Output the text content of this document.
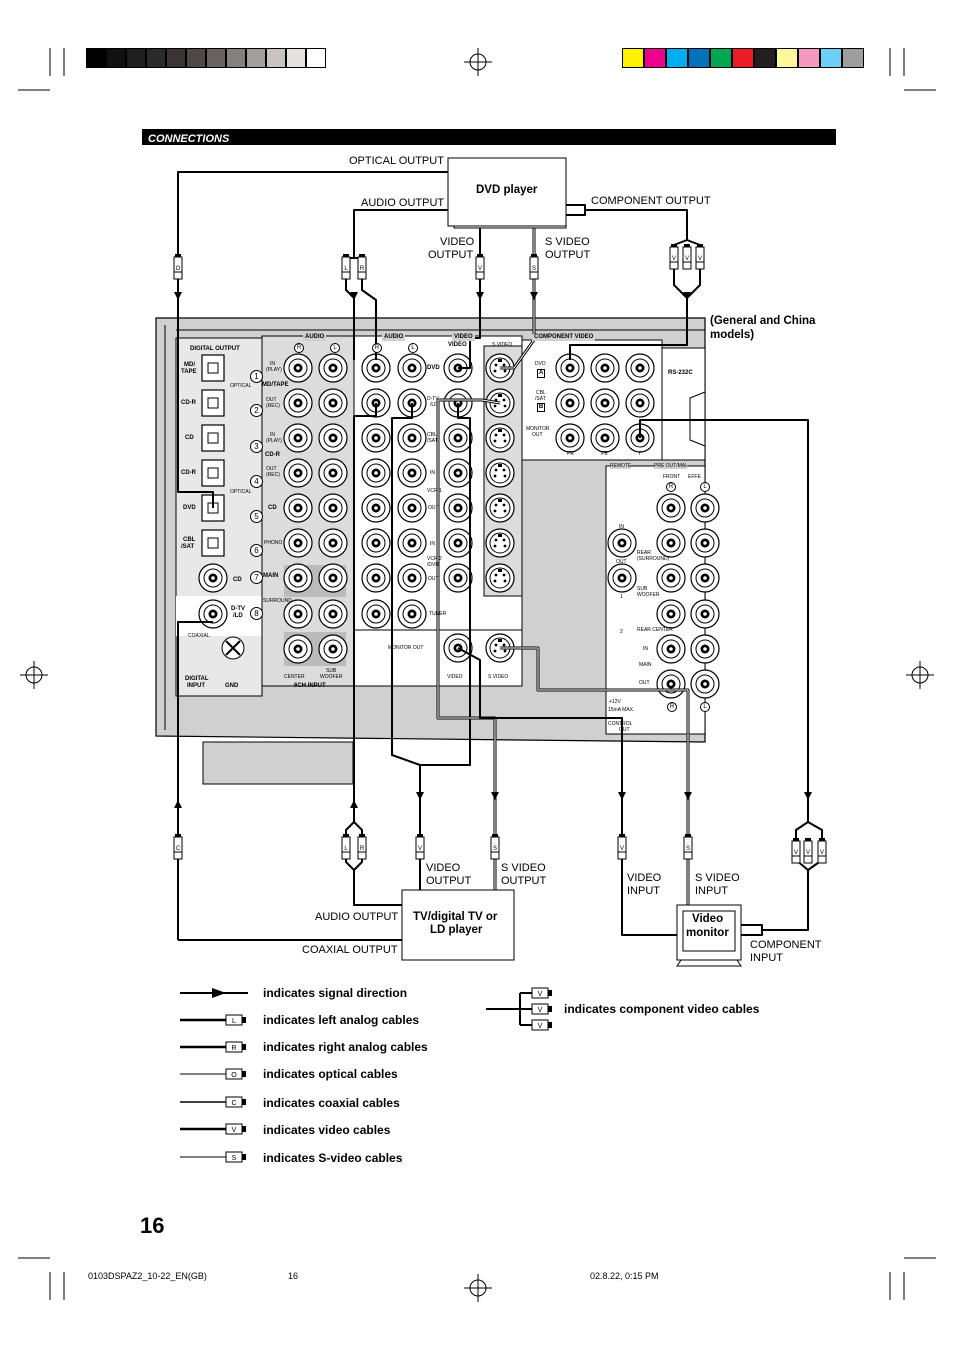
CONNECTIONS
O	L R	V	S
V V V
C	L R	V	S	V	S
V V V
L
R
O
C
V
S
V
V
V
OPTICAL OUTPUT
AUDIO OUTPUT	COMPONENT OUTPUT
VIDEO
OUTPUT
S VIDEO
OUTPUT
(General and China
models)
DVD player
VIDEO
OUTPUT
S VIDEO
OUTPUT
AUDIO OUTPUT
COAXIAL OUTPUT
TV/digital TV or
LD player
VIDEO
INPUT
S VIDEO
INPUT
COMPONENT
INPUT
Video
monitor
DIGITAL OUTPUT
MD/
TAPE
CD-R
CD
CD-R
DVD
CBL
/SAT
OPTICAL
OPTICAL
CD
D-TV
/LD
COAXIAL
DIGITAL
INPUT	GND
AUDIO	AUDIO	VIDEO	COMPONENT VIDEO
VIDEO	S VIDEO
IN
(PLAY)
MD/TAPE
OUT
(REC)
IN
(PLAY)
CD-R
OUT
(REC)
CD
PHONO
MAIN
SURROUND
CENTER
SUB
WOOFER
6CH INPUT
DVD
D-TV
/LD
CBL
/SAT
IN
VCR 1
OUT
IN
VCR 2
/DVR
OUT
TUNER
MONITOR OUT
VIDEO	S VIDEO
DVD
CBL
/SAT
MONITOR
OUT
PR	PB	Y
A
B
RS-232C
REMOTE	PRE OUT/MAI
FRONT EFFE
IN
OUT
1
2
REAR
(SURROUND)
SUB
WOOFER
REAR CENTER
IN
MAIN
OUT
+12V
15mA MAX.
CONTROL
OUT
1
2
3
4
5
6
7
8
R	L	R	L
R	L
R	L
indicates signal direction
indicates left analog cables
indicates right analog cables
indicates optical cables
indicates coaxial cables
indicates video cables
indicates S-video cables
indicates component video cables
16
0103DSPAZ2_10-22_EN(GB)	16	02.8.22, 0:15 PM
